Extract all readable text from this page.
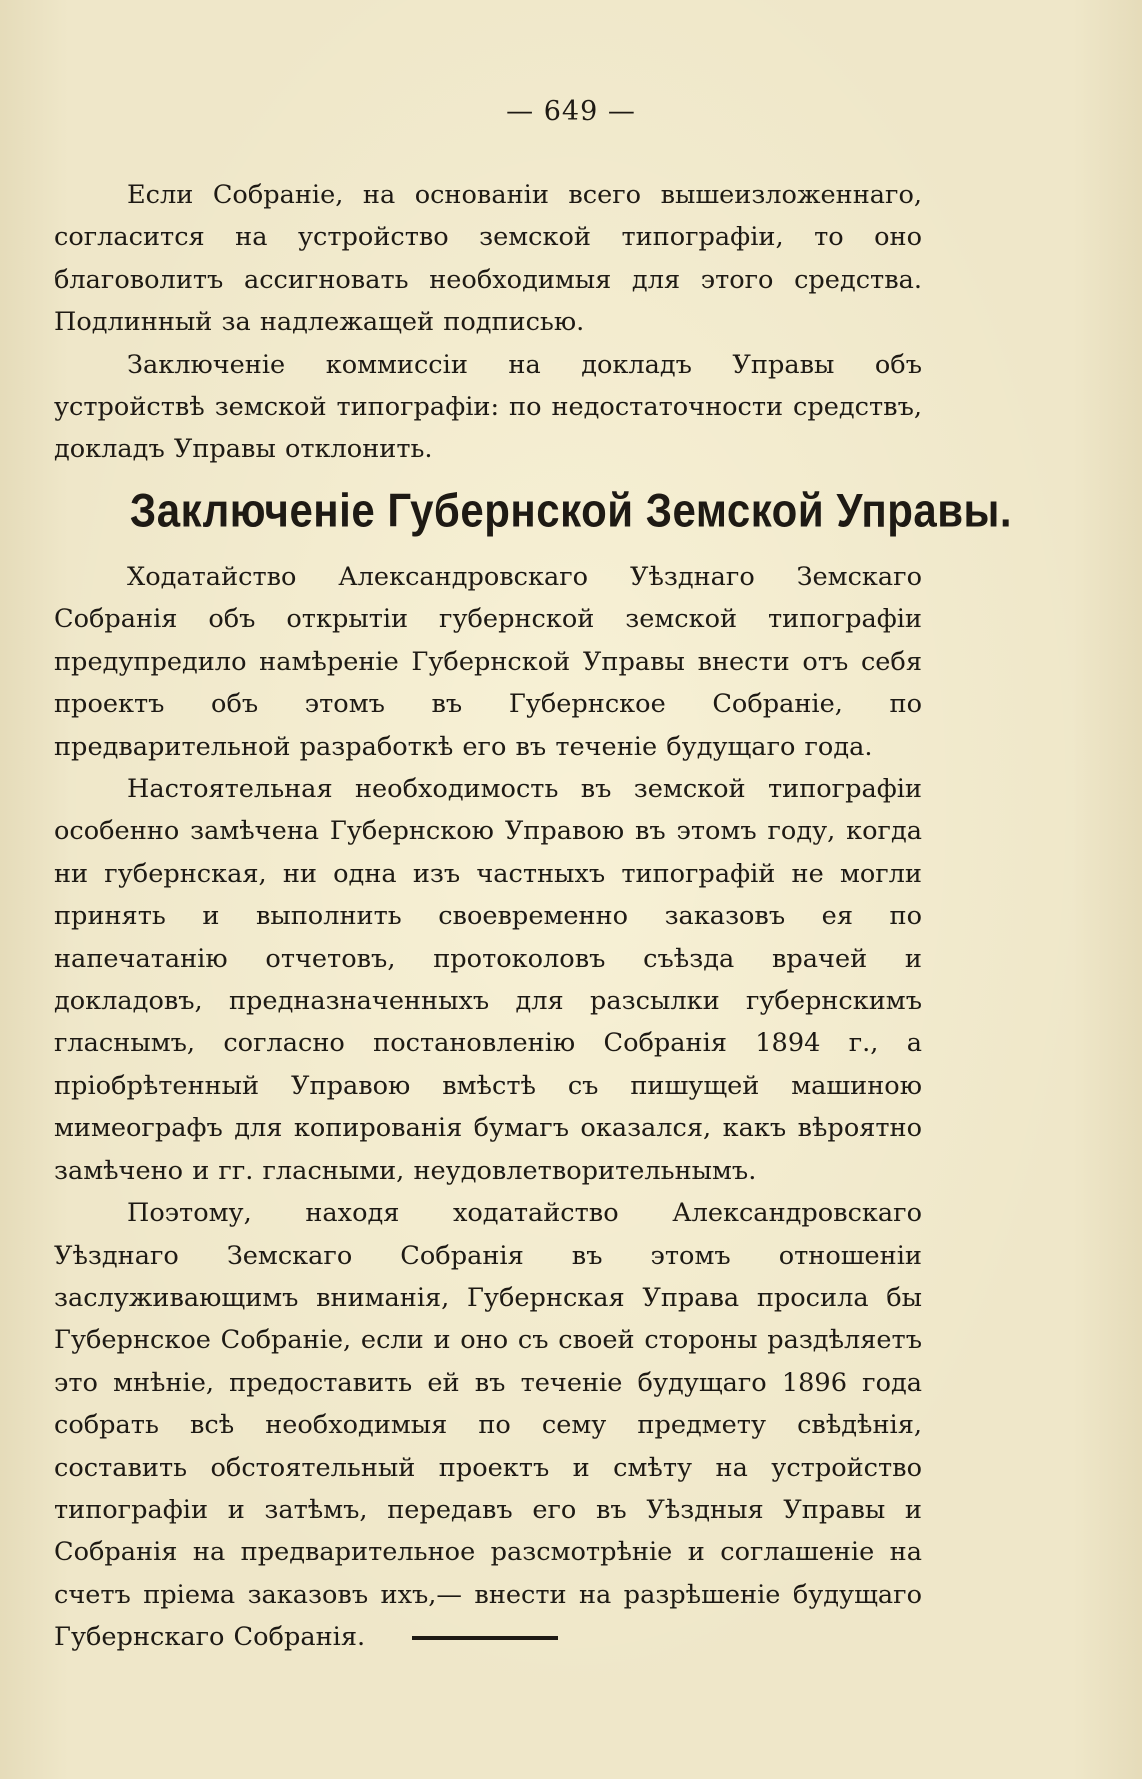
— 649 —

Если Собраніе, на основаніи всего вышеизложеннаго, согласится на устройство земской типографіи, то оно благоволитъ ассигновать необходимыя для этого средства. Подлинный за надлежащей подписью.

Заключеніе коммиссіи на докладъ Управы объ устройствѣ земской типографіи: по недостаточности средствъ, докладъ Управы отклонить.

Заключеніе Губернской Земской Управы.

Ходатайство Александровскаго Уѣзднаго Земскаго Собранія объ открытіи губернской земской типографіи предупредило намѣреніе Губернской Управы внести отъ себя проектъ объ этомъ въ Губернское Собраніе, по предварительной разработкѣ его въ теченіе будущаго года.

Настоятельная необходимость въ земской типографіи особенно замѣчена Губернскою Управою въ этомъ году, когда ни губернская, ни одна изъ частныхъ типографій не могли принять и выполнить своевременно заказовъ ея по напечатанію отчетовъ, протоколовъ съѣзда врачей и докладовъ, предназначенныхъ для разсылки губернскимъ гласнымъ, согласно постановленію Собранія 1894 г., а пріобрѣтенный Управою вмѣстѣ съ пишущей машиною мимеографъ для копированія бумагъ оказался, какъ вѣроятно замѣчено и гг. гласными, неудовлетворительнымъ.

Поэтому, находя ходатайство Александровскаго Уѣзднаго Земскаго Собранія въ этомъ отношеніи заслуживающимъ вниманія, Губернская Управа просила бы Губернское Собраніе, если и оно съ своей стороны раздѣляетъ это мнѣніе, предоставить ей въ теченіе будущаго 1896 года собрать всѣ необходимыя по сему предмету свѣдѣнія, составить обстоятельный проектъ и смѣту на устройство типографіи и затѣмъ, передавъ его въ Уѣздныя Управы и Собранія на предварительное разсмотрѣніе и соглашеніе на счетъ пріема заказовъ ихъ,— внести на разрѣшеніе будущаго Губернскаго Собранія.
